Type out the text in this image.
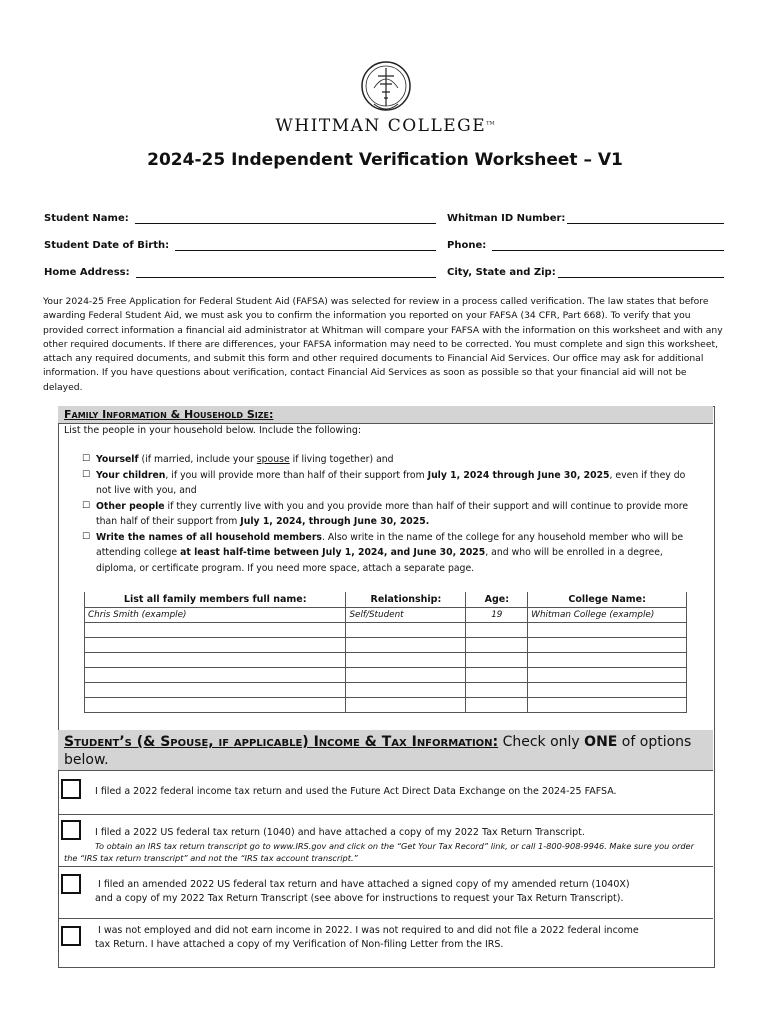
WHITMAN COLLEGE™
2024-25 Independent Verification Worksheet – V1
Student Name:	Whitman ID Number:
Student Date of Birth:	Phone:
Home Address:	City, State and Zip:
Your 2024-25 Free Application for Federal Student Aid (FAFSA) was selected for review in a process called verification. The law states that before awarding Federal Student Aid, we must ask you to confirm the information you reported on your FAFSA (34 CFR, Part 668). To verify that you provided correct information a financial aid administrator at Whitman will compare your FAFSA with the information on this worksheet and with any other required documents. If there are differences, your FAFSA information may need to be corrected. You must complete and sign this worksheet, attach any required documents, and submit this form and other required documents to Financial Aid Services. Our office may ask for additional information. If you have questions about verification, contact Financial Aid Services as soon as possible so that your financial aid will not be delayed.
Family Information & Household Size:
List the people in your household below. Include the following:
☐ Yourself (if married, include your spouse if living together) and
☐ Your children, if you will provide more than half of their support from July 1, 2024 through June 30, 2025, even if they do not live with you, and
☐ Other people if they currently live with you and you provide more than half of their support and will continue to provide more than half of their support from July 1, 2024, through June 30, 2025.
☐ Write the names of all household members. Also write in the name of the college for any household member who will be attending college at least half-time between July 1, 2024, and June 30, 2025, and who will be enrolled in a degree, diploma, or certificate program. If you need more space, attach a separate page.
List all family members full name:	Relationship:	Age:	College Name:
Chris Smith (example)	Self/Student	19	Whitman College (example)

Student’s (& Spouse, if applicable) Income & Tax Information: Check only ONE of options below.
I filed a 2022 federal income tax return and used the Future Act Direct Data Exchange on the 2024-25 FAFSA.
I filed a 2022 US federal tax return (1040) and have attached a copy of my 2022 Tax Return Transcript.
To obtain an IRS tax return transcript go to www.IRS.gov and click on the “Get Your Tax Record” link, or call 1-800-908-9946. Make sure you order the “IRS tax return transcript” and not the “IRS tax account transcript.”
I filed an amended 2022 US federal tax return and have attached a signed copy of my amended return (1040X)
and a copy of my 2022 Tax Return Transcript (see above for instructions to request your Tax Return Transcript).
I was not employed and did not earn income in 2022. I was not required to and did not file a 2022 federal income
tax Return. I have attached a copy of my Verification of Non-filing Letter from the IRS.
